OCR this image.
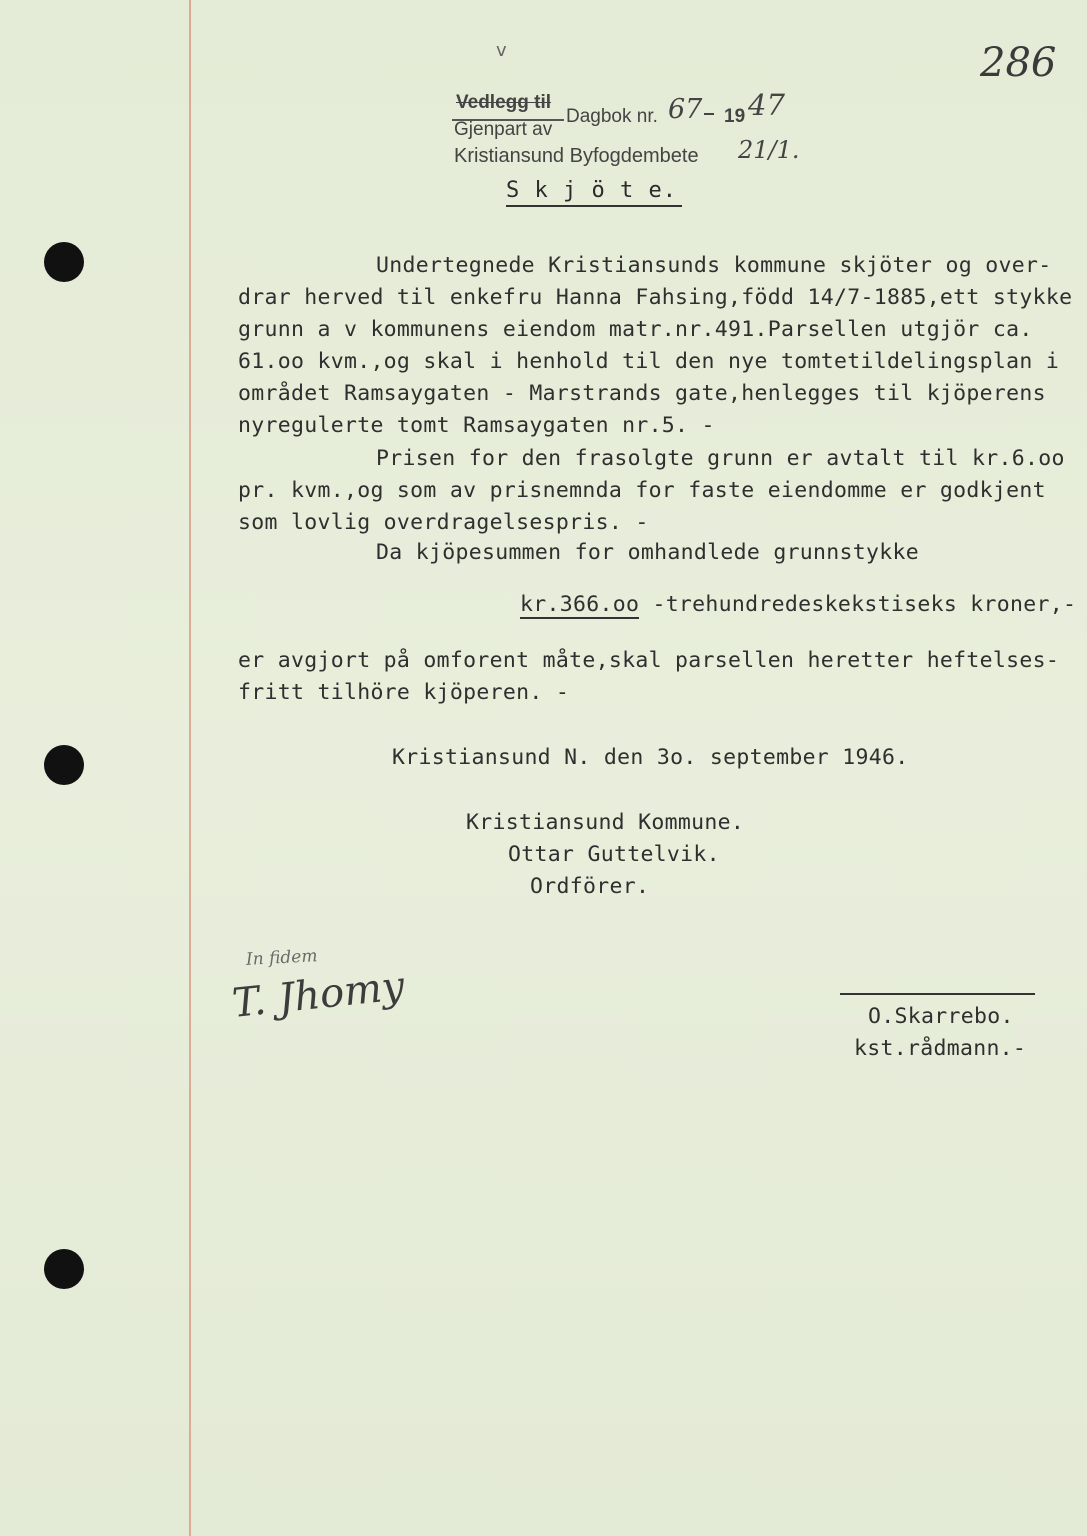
v	286
Vedlegg til
Dagbok nr. 67 19 47
Gjenpart av
Kristiansund Byfogdembete 21/1.
S k j ö t e.
Undertegnede Kristiansunds kommune skjöter og over-
drar herved til enkefru Hanna Fahsing,född 14/7-1885,ett stykke
grunn a v kommunens eiendom matr.nr.491.Parsellen utgjör ca.
61.oo kvm.,og skal i henhold til den nye tomtetildelingsplan i
området Ramsaygaten - Marstrands gate,henlegges til kjöperens
nyregulerte tomt Ramsaygaten nr.5. -
Prisen for den frasolgte grunn er avtalt til kr.6.oo
pr. kvm.,og som av prisnemnda for faste eiendomme er godkjent
som lovlig overdragelsespris. -
Da kjöpesummen for omhandlede grunnstykke
kr.366.oo -trehundredeskekstiseks kroner,-
er avgjort på omforent måte,skal parsellen heretter heftelses-
fritt tilhöre kjöperen. -
Kristiansund N. den 3o. september 1946.
Kristiansund Kommune.
Ottar Guttelvik.
Ordförer.
In fidem
T. Jhomy	O.Skarrebo.
kst.rådmann.-
